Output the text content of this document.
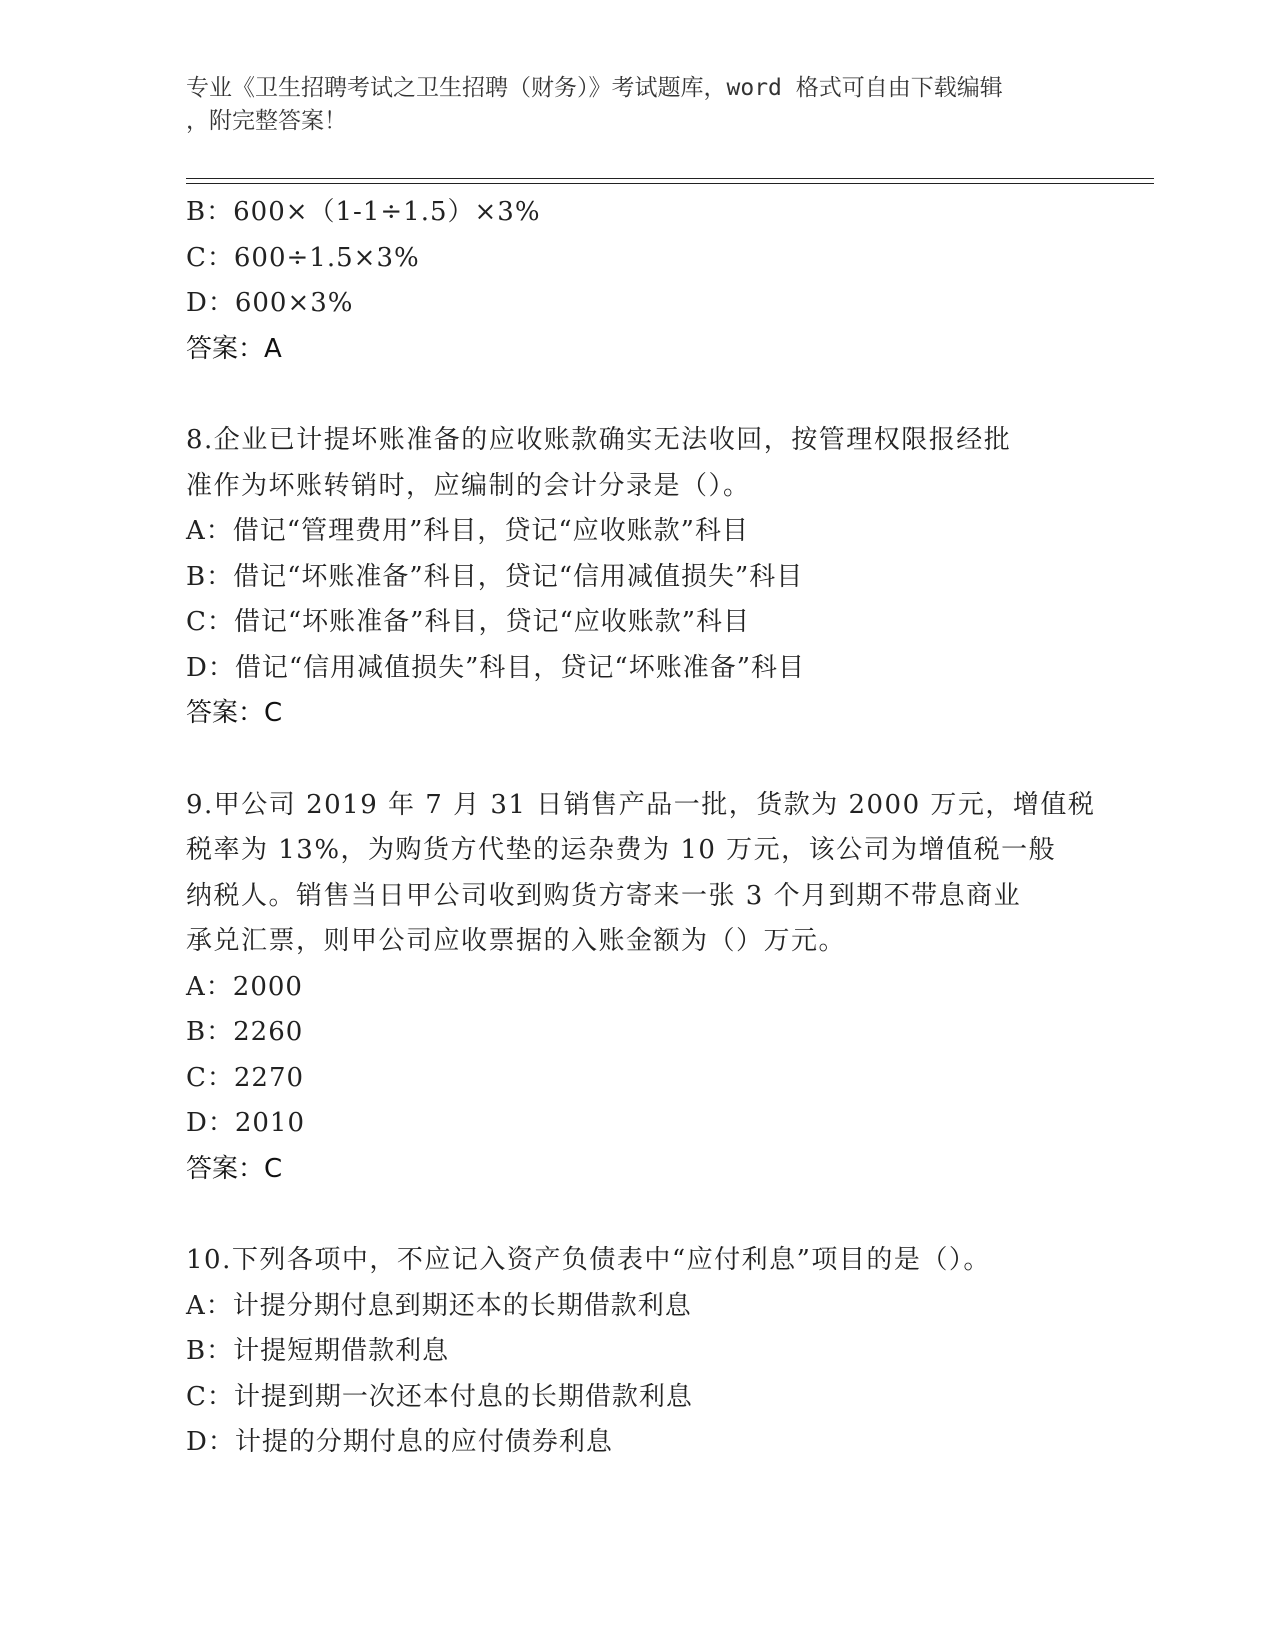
专业《卫生招聘考试之卫生招聘（财务）》考试题库，word 格式可自由下载编辑
，附完整答案！
B：600×（1-1÷1.5）×3%
C：600÷1.5×3%
D：600×3%
答案：A
8.企业已计提坏账准备的应收账款确实无法收回，按管理权限报经批
准作为坏账转销时，应编制的会计分录是（）。
A：借记“管理费用”科目，贷记“应收账款”科目
B：借记“坏账准备”科目，贷记“信用减值损失”科目
C：借记“坏账准备”科目，贷记“应收账款”科目
D：借记“信用减值损失”科目，贷记“坏账准备”科目
答案：C
9.甲公司 2019 年 7 月 31 日销售产品一批，货款为 2000 万元，增值税
税率为 13%，为购货方代垫的运杂费为 10 万元，该公司为增值税一般
纳税人。销售当日甲公司收到购货方寄来一张 3 个月到期不带息商业
承兑汇票，则甲公司应收票据的入账金额为（）万元。
A：2000
B：2260
C：2270
D：2010
答案：C
10.下列各项中，不应记入资产负债表中“应付利息”项目的是（）。
A：计提分期付息到期还本的长期借款利息
B：计提短期借款利息
C：计提到期一次还本付息的长期借款利息
D：计提的分期付息的应付债券利息
